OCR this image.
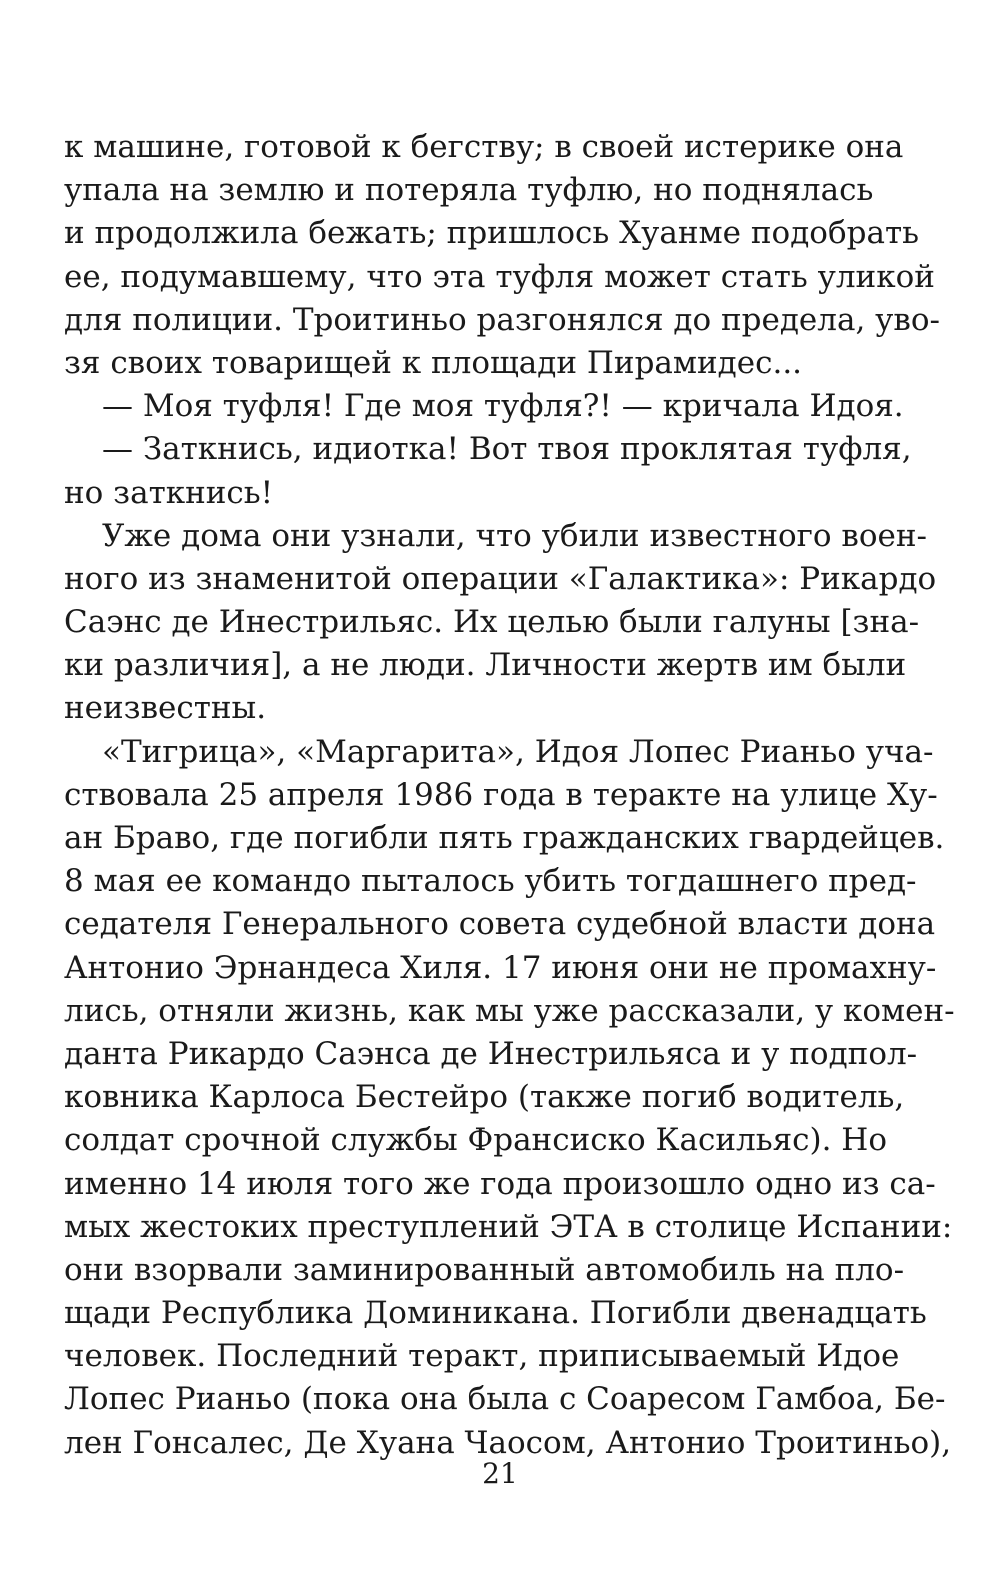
к машине, готовой к бегству; в своей истерике она
упала на землю и потеряла туфлю, но поднялась
и продолжила бежать; пришлось Хуанме подобрать
ее, подумавшему, что эта туфля может стать уликой
для полиции. Троитиньо разгонялся до предела, уво-
зя своих товарищей к площади Пирамидес...
— Моя туфля! Где моя туфля?! — кричала Идоя.
— Заткнись, идиотка! Вот твоя проклятая туфля,
но заткнись!
Уже дома они узнали, что убили известного воен-
ного из знаменитой операции «Галактика»: Рикардо
Саэнс де Инестрильяс. Их целью были галуны [зна-
ки различия], а не люди. Личности жертв им были
неизвестны.
«Тигрица», «Маргарита», Идоя Лопес Рианьо уча-
ствовала 25 апреля 1986 года в теракте на улице Ху-
ан Браво, где погибли пять гражданских гвардейцев.
8 мая ее командо пыталось убить тогдашнего пред-
седателя Генерального совета судебной власти дона
Антонио Эрнандеса Хиля. 17 июня они не промахну-
лись, отняли жизнь, как мы уже рассказали, у комен-
данта Рикардо Саэнса де Инестрильяса и у подпол-
ковника Карлоса Бестейро (также погиб водитель,
солдат срочной службы Франсиско Касильяс). Но
именно 14 июля того же года произошло одно из са-
мых жестоких преступлений ЭТА в столице Испании:
они взорвали заминированный автомобиль на пло-
щади Республика Доминикана. Погибли двенадцать
человек. Последний теракт, приписываемый Идое
Лопес Рианьо (пока она была с Соаресом Гамбоа, Бе-
лен Гонсалес, Де Хуана Чаосом, Антонио Троитиньо),
21
